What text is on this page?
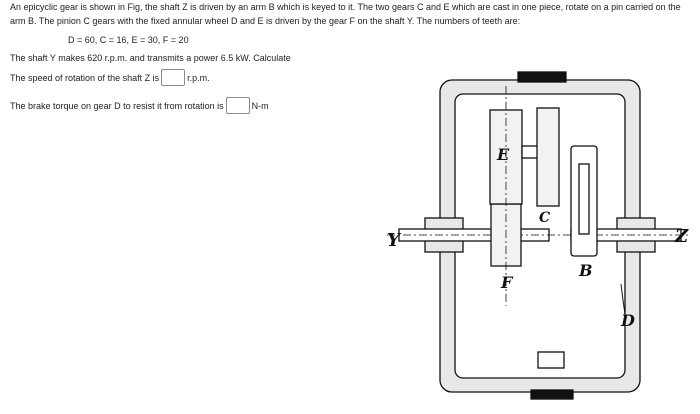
An epicyclic gear is shown in Fig, the shaft Z is driven by an arm B which is keyed to it. The two gears C and E which are cast in one piece, rotate on a pin carried on the arm B. The pinion C gears with the fixed annular wheel D and E is driven by the gear F on the shaft Y. The numbers of teeth are:

D = 60, C = 16, E = 30, F = 20

The shaft Y makes 620 r.p.m. and transmits a power 6.5 kW. Calculate

The speed of rotation of the shaft Z is	r.p.m.
The brake torque on gear D to resist it from rotation is	N-m
Y	Z
E
C
B
F
D
